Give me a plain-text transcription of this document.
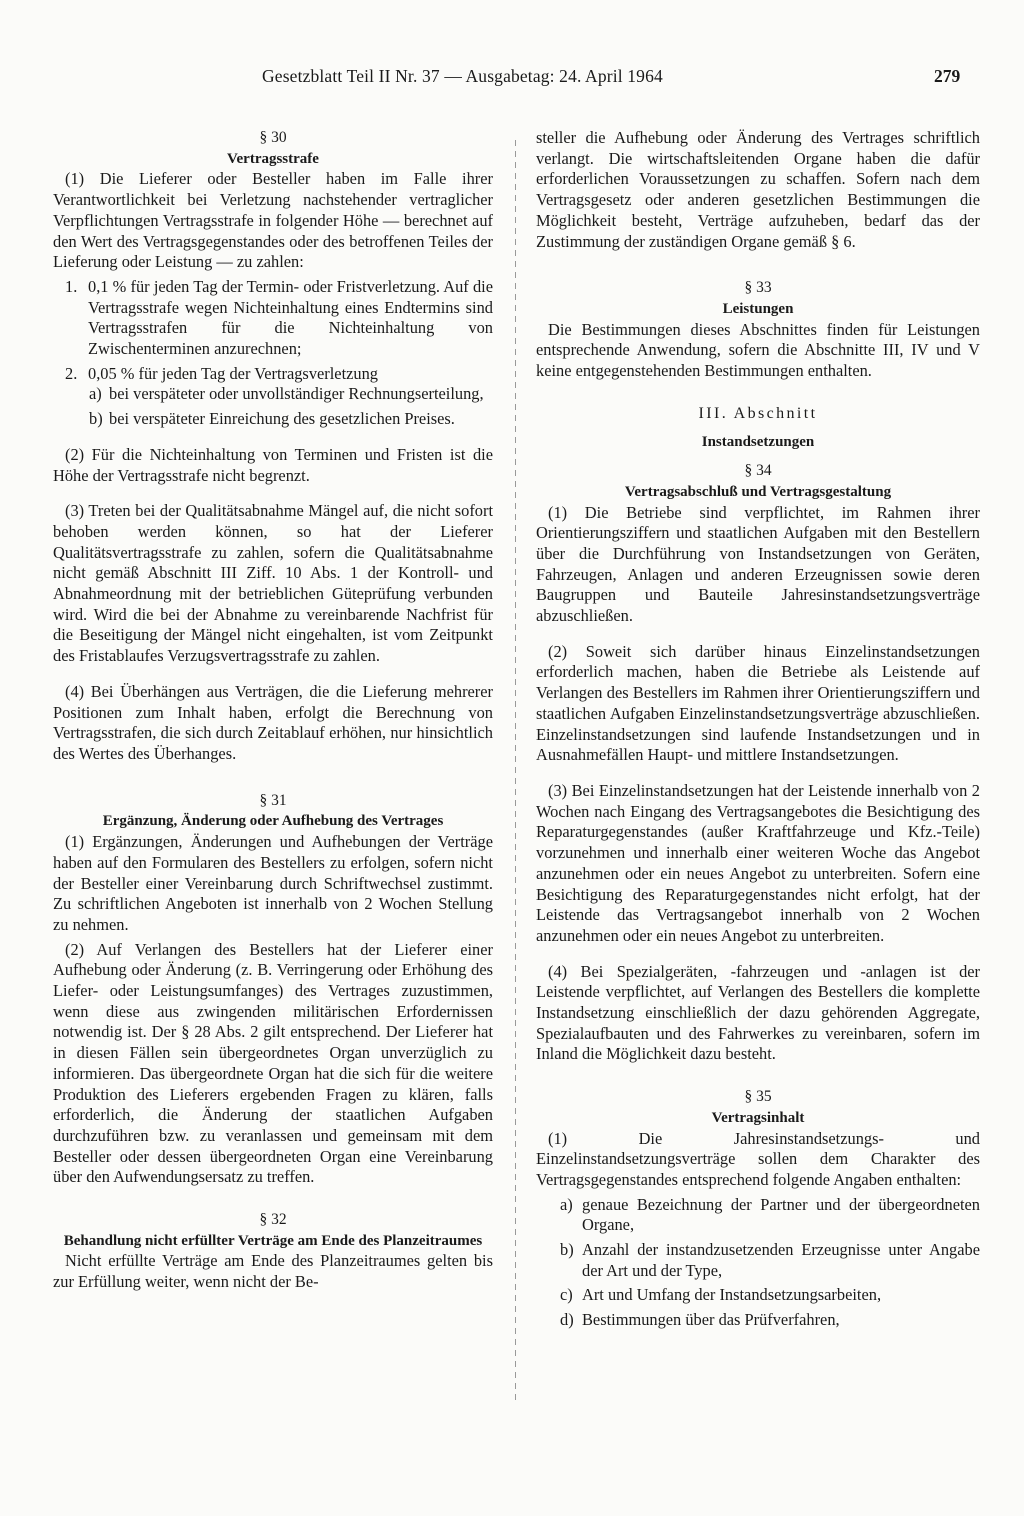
Gesetzblatt Teil II Nr. 37 — Ausgabetag: 24. April 1964	279

§ 30

Vertragsstrafe

(1) Die Lieferer oder Besteller haben im Falle ihrer Verantwortlichkeit bei Verletzung nachstehender vertraglicher Verpflichtungen Vertragsstrafe in folgender Höhe — berechnet auf den Wert des Vertragsgegenstandes oder des betroffenen Teiles der Lieferung oder Leistung — zu zahlen:

1. 0,1 % für jeden Tag der Termin- oder Fristverletzung. Auf die Vertragsstrafe wegen Nichteinhaltung eines Endtermins sind Vertragsstrafen für die Nichteinhaltung von Zwischenterminen anzurechnen;
2. 0,05 % für jeden Tag der Vertragsverletzung
a) bei verspäteter oder unvollständiger Rechnungserteilung,
b) bei verspäteter Einreichung des gesetzlichen Preises.

(2) Für die Nichteinhaltung von Terminen und Fristen ist die Höhe der Vertragsstrafe nicht begrenzt.

(3) Treten bei der Qualitätsabnahme Mängel auf, die nicht sofort behoben werden können, so hat der Lieferer Qualitätsvertragsstrafe zu zahlen, sofern die Qualitätsabnahme nicht gemäß Abschnitt III Ziff. 10 Abs. 1 der Kontroll- und Abnahmeordnung mit der betrieblichen Güteprüfung verbunden wird. Wird die bei der Abnahme zu vereinbarende Nachfrist für die Beseitigung der Mängel nicht eingehalten, ist vom Zeitpunkt des Fristablaufes Verzugsvertragsstrafe zu zahlen.

(4) Bei Überhängen aus Verträgen, die die Lieferung mehrerer Positionen zum Inhalt haben, erfolgt die Berechnung von Vertragsstrafen, die sich durch Zeitablauf erhöhen, nur hinsichtlich des Wertes des Überhanges.

§ 31

Ergänzung, Änderung oder Aufhebung des Vertrages

(1) Ergänzungen, Änderungen und Aufhebungen der Verträge haben auf den Formularen des Bestellers zu erfolgen, sofern nicht der Besteller einer Vereinbarung durch Schriftwechsel zustimmt. Zu schriftlichen Angeboten ist innerhalb von 2 Wochen Stellung zu nehmen.

(2) Auf Verlangen des Bestellers hat der Lieferer einer Aufhebung oder Änderung (z. B. Verringerung oder Erhöhung des Liefer- oder Leistungsumfanges) des Vertrages zuzustimmen, wenn diese aus zwingenden militärischen Erfordernissen notwendig ist. Der § 28 Abs. 2 gilt entsprechend. Der Lieferer hat in diesen Fällen sein übergeordnetes Organ unverzüglich zu informieren. Das übergeordnete Organ hat die sich für die weitere Produktion des Lieferers ergebenden Fragen zu klären, falls erforderlich, die Änderung der staatlichen Aufgaben durchzuführen bzw. zu veranlassen und gemeinsam mit dem Besteller oder dessen übergeordneten Organ eine Vereinbarung über den Aufwendungsersatz zu treffen.

§ 32

Behandlung nicht erfüllter Verträge am Ende des Planzeitraumes

Nicht erfüllte Verträge am Ende des Planzeitraumes gelten bis zur Erfüllung weiter, wenn nicht der Be-

steller die Aufhebung oder Änderung des Vertrages schriftlich verlangt. Die wirtschaftsleitenden Organe haben die dafür erforderlichen Voraussetzungen zu schaffen. Sofern nach dem Vertragsgesetz oder anderen gesetzlichen Bestimmungen die Möglichkeit besteht, Verträge aufzuheben, bedarf das der Zustimmung der zuständigen Organe gemäß § 6.

§ 33

Leistungen

Die Bestimmungen dieses Abschnittes finden für Leistungen entsprechende Anwendung, sofern die Abschnitte III, IV und V keine entgegenstehenden Bestimmungen enthalten.

III. Abschnitt

Instandsetzungen

§ 34

Vertragsabschluß und Vertragsgestaltung

(1) Die Betriebe sind verpflichtet, im Rahmen ihrer Orientierungsziffern und staatlichen Aufgaben mit den Bestellern über die Durchführung von Instandsetzungen von Geräten, Fahrzeugen, Anlagen und anderen Erzeugnissen sowie deren Baugruppen und Bauteile Jahresinstandsetzungsverträge abzuschließen.

(2) Soweit sich darüber hinaus Einzelinstandsetzungen erforderlich machen, haben die Betriebe als Leistende auf Verlangen des Bestellers im Rahmen ihrer Orientierungsziffern und staatlichen Aufgaben Einzelinstandsetzungsverträge abzuschließen. Einzelinstandsetzungen sind laufende Instandsetzungen und in Ausnahmefällen Haupt- und mittlere Instandsetzungen.

(3) Bei Einzelinstandsetzungen hat der Leistende innerhalb von 2 Wochen nach Eingang des Vertragsangebotes die Besichtigung des Reparaturgegenstandes (außer Kraftfahrzeuge und Kfz.-Teile) vorzunehmen und innerhalb einer weiteren Woche das Angebot anzunehmen oder ein neues Angebot zu unterbreiten. Sofern eine Besichtigung des Reparaturgegenstandes nicht erfolgt, hat der Leistende das Vertragsangebot innerhalb von 2 Wochen anzunehmen oder ein neues Angebot zu unterbreiten.

(4) Bei Spezialgeräten, -fahrzeugen und -anlagen ist der Leistende verpflichtet, auf Verlangen des Bestellers die komplette Instandsetzung einschließlich der dazu gehörenden Aggregate, Spezialaufbauten und des Fahrwerkes zu vereinbaren, sofern im Inland die Möglichkeit dazu besteht.

§ 35

Vertragsinhalt

(1) Die Jahresinstandsetzungs- und Einzelinstandsetzungsverträge sollen dem Charakter des Vertragsgegenstandes entsprechend folgende Angaben enthalten:

a) genaue Bezeichnung der Partner und der übergeordneten Organe,
b) Anzahl der instandzusetzenden Erzeugnisse unter Angabe der Art und der Type,
c) Art und Umfang der Instandsetzungsarbeiten,
d) Bestimmungen über das Prüfverfahren,
